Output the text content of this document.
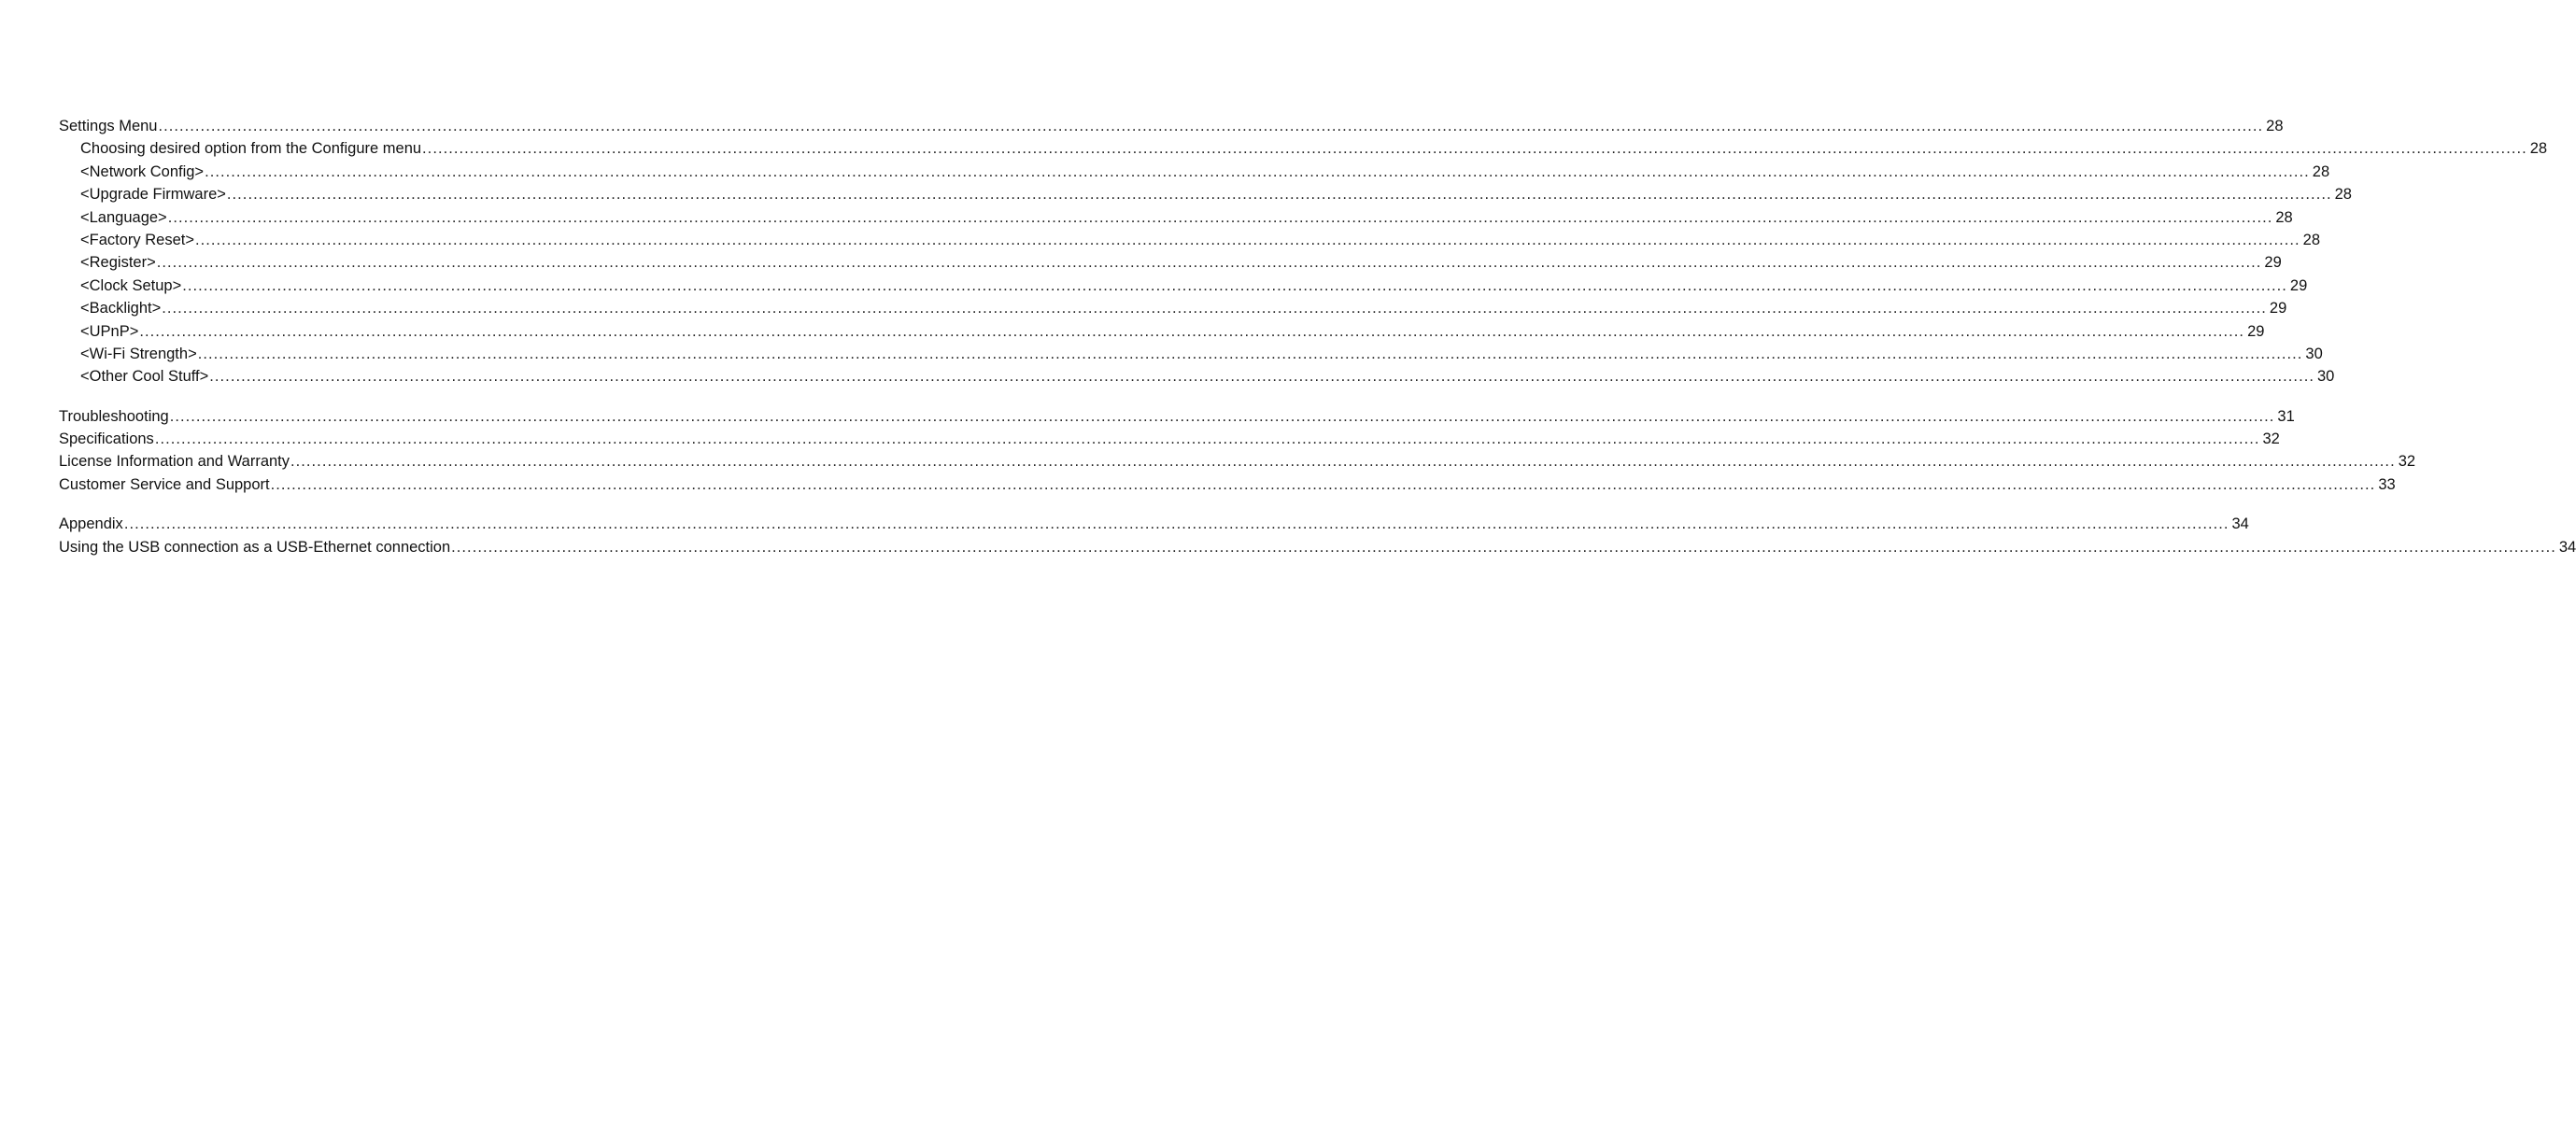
Settings Menu ................................................................................................................................................................................................................................................................................................................................................................................................................ 28
Choosing desired option from the Configure menu ................................................................................................................................................................................................................................................................................................................................................................................................................ 28
<Network Config> ................................................................................................................................................................................................................................................................................................................................................................................................................ 28
<Upgrade Firmware> ................................................................................................................................................................................................................................................................................................................................................................................................................ 28
<Language> ................................................................................................................................................................................................................................................................................................................................................................................................................ 28
<Factory Reset> ................................................................................................................................................................................................................................................................................................................................................................................................................ 28
<Register> ................................................................................................................................................................................................................................................................................................................................................................................................................ 29
<Clock Setup> ................................................................................................................................................................................................................................................................................................................................................................................................................ 29
<Backlight> ................................................................................................................................................................................................................................................................................................................................................................................................................ 29
<UPnP> ................................................................................................................................................................................................................................................................................................................................................................................................................ 29
<Wi-Fi Strength> ................................................................................................................................................................................................................................................................................................................................................................................................................ 30
<Other Cool Stuff> ................................................................................................................................................................................................................................................................................................................................................................................................................ 30
Troubleshooting ................................................................................................................................................................................................................................................................................................................................................................................................................ 31
Specifications ................................................................................................................................................................................................................................................................................................................................................................................................................ 32
License Information and Warranty ................................................................................................................................................................................................................................................................................................................................................................................................................ 32
Customer Service and Support ................................................................................................................................................................................................................................................................................................................................................................................................................ 33
Appendix ................................................................................................................................................................................................................................................................................................................................................................................................................ 34
Using the USB connection as a USB-Ethernet connection ................................................................................................................................................................................................................................................................................................................................................................................................................ 34
